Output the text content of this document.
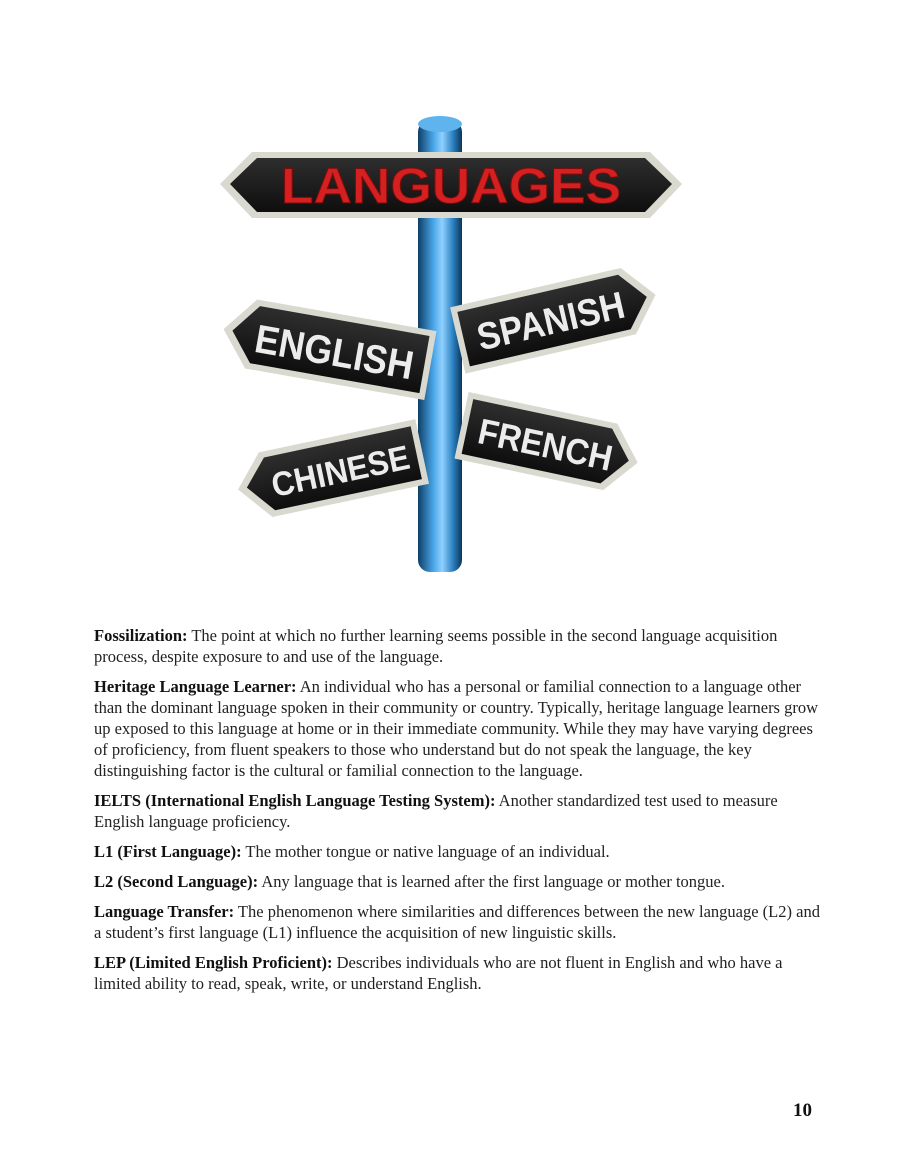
LANGUAGES
ENGLISH SPANISH
CHINESE FRENCH

Fossilization: The point at which no further learning seems possible in the second language acquisition process, despite exposure to and use of the language.

Heritage Language Learner: An individual who has a personal or familial connection to a language other than the dominant language spoken in their community or country. Typically, heritage language learners grow up exposed to this language at home or in their immediate community. While they may have varying degrees of proficiency, from fluent speakers to those who understand but do not speak the language, the key distinguishing factor is the cultural or familial connection to the language.

IELTS (International English Language Testing System): Another standardized test used to measure English language proficiency.

L1 (First Language): The mother tongue or native language of an individual.

L2 (Second Language): Any language that is learned after the first language or mother tongue.

Language Transfer: The phenomenon where similarities and differences between the new language (L2) and a student’s first language (L1) influence the acquisition of new linguistic skills.

LEP (Limited English Proficient): Describes individuals who are not fluent in English and who have a limited ability to read, speak, write, or understand English.

10
